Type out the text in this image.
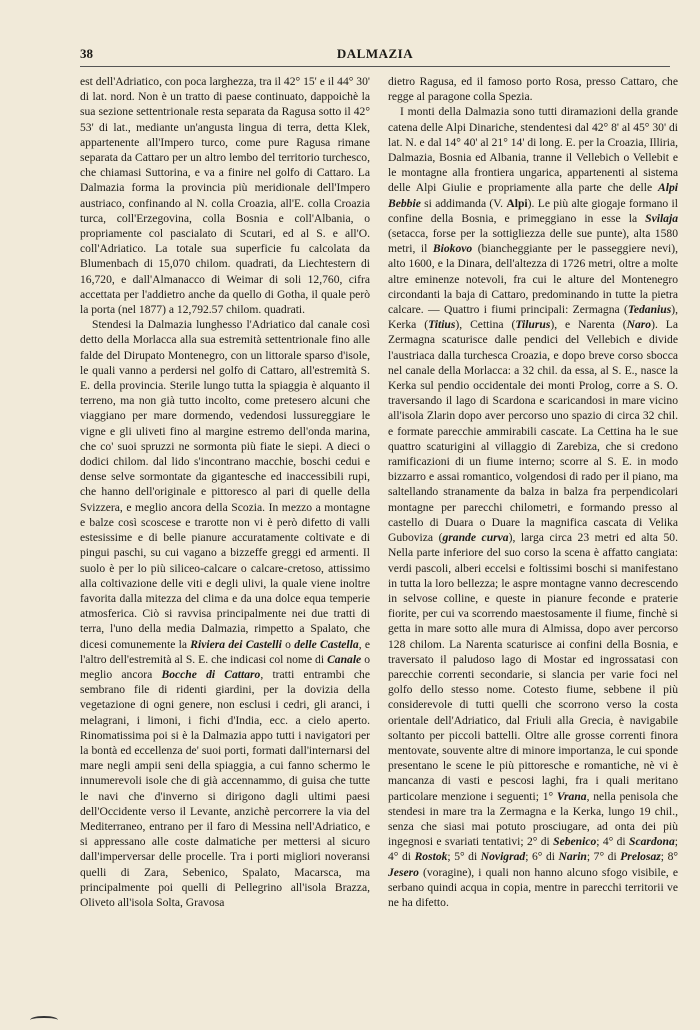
38	DALMAZIA

est dell'Adriatico, con poca larghezza, tra il 42° 15' e il 44° 30' di lat. nord. Non è un tratto di paese continuato, dappoichè la sua sezione settentrionale resta separata da Ragusa sotto il 42° 53' di lat., mediante un'angusta lingua di terra, detta Klek, appartenente all'Impero turco, come pure Ragusa rimane separata da Cattaro per un altro lembo del territorio turchesco, che chiamasi Suttorina, e va a finire nel golfo di Cattaro. La Dalmazia forma la provincia più meridionale dell'Impero austriaco, confinando al N. colla Croazia, all'E. colla Croazia turca, coll'Erzegovina, colla Bosnia e coll'Albania, o propriamente col pascialato di Scutari, ed al S. e all'O. coll'Adriatico. La totale sua superficie fu calcolata da Blumenbach di 15,070 chilom. quadrati, da Liechtestern di 16,720, e dall'Almanacco di Weimar di soli 12,760, cifra accettata per l'addietro anche da quello di Gotha, il quale però la porta (nel 1877) a 12,792.57 chilom. quadrati.

Stendesi la Dalmazia lunghesso l'Adriatico dal canale così detto della Morlacca alla sua estremità settentrionale fino alle falde del Dirupato Montenegro, con un littorale sparso d'isole, le quali vanno a perdersi nel golfo di Cattaro, all'estremità S. E. della provincia. Sterile lungo tutta la spiaggia è alquanto il terreno, ma non già tutto incolto, come pretesero alcuni che viaggiano per mare dormendo, vedendosi lussureggiare le vigne e gli uliveti fino al margine estremo dell'onda marina, che co' suoi spruzzi ne sormonta più fiate le siepi. A dieci o dodici chilom. dal lido s'incontrano macchie, boschi cedui e dense selve sormontate da gigantesche ed inaccessibili rupi, che hanno dell'originale e pittoresco al pari di quelle della Svizzera, e meglio ancora della Scozia. In mezzo a montagne e balze così scoscese e trarotte non vi è però difetto di valli estesissime e di belle pianure accuratamente coltivate e di pingui paschi, su cui vagano a bizzeffe greggi ed armenti. Il suolo è per lo più siliceo-calcare o calcare-cretoso, attissimo alla coltivazione delle viti e degli ulivi, la quale viene inoltre favorita dalla mitezza del clima e da una dolce equa temperie atmosferica. Ciò si ravvisa principalmente nei due tratti di terra, l'uno della media Dalmazia, rimpetto a Spalato, che dicesi comunemente la Riviera dei Castelli o delle Castella, e l'altro dell'estremità al S. E. che indicasi col nome di Canale o meglio ancora Bocche di Cattaro, tratti entrambi che sembrano file di ridenti giardini, per la dovizia della vegetazione di ogni genere, non esclusi i cedri, gli aranci, i melagrani, i limoni, i fichi d'India, ecc. a cielo aperto. Rinomatissima poi si è la Dalmazia appo tutti i navigatori per la bontà ed eccellenza de' suoi porti, formati dall'internarsi del mare negli ampii seni della spiaggia, a cui fanno schermo le innumerevoli isole che di già accennammo, di guisa che tutte le navi che d'inverno si dirigono dagli ultimi paesi dell'Occidente verso il Levante, anzichè percorrere la via del Mediterraneo, entrano per il faro di Messina nell'Adriatico, e si appressano alle coste dalmatiche per mettersi al sicuro dall'imperversar delle procelle. Tra i porti migliori noveransi quelli di Zara, Sebenico, Spalato, Macarsca, ma principalmente poi quelli di Pellegrino all'isola Brazza, Oliveto all'isola Solta, Gravosa

dietro Ragusa, ed il famoso porto Rosa, presso Cattaro, che regge al paragone colla Spezia.

I monti della Dalmazia sono tutti diramazioni della grande catena delle Alpi Dinariche, stendentesi dal 42° 8' al 45° 30' di lat. N. e dal 14° 40' al 21° 14' di long. E. per la Croazia, Illiria, Dalmazia, Bosnia ed Albania, tranne il Vellebich o Vellebit e le montagne alla frontiera ungarica, appartenenti al sistema delle Alpi Giulie e propriamente alla parte che delle Alpi Bebbie si addimanda (V. Alpi). Le più alte giogaje formano il confine della Bosnia, e primeggiano in esse la Svilaja (setacca, forse per la sottigliezza delle sue punte), alta 1580 metri, il Biokovo (biancheggiante per le passeggiere nevi), alto 1600, e la Dinara, dell'altezza di 1726 metri, oltre a molte altre eminenze notevoli, fra cui le alture del Montenegro circondanti la baja di Cattaro, predominando in tutte la pietra calcare. — Quattro i fiumi principali: Zermagna (Tedanius), Kerka (Titius), Cettina (Tilurus), e Narenta (Naro). La Zermagna scaturisce dalle pendici del Vellebich e divide l'austriaca dalla turchesca Croazia, e dopo breve corso sbocca nel canale della Morlacca: a 32 chil. da essa, al S. E., nasce la Kerka sul pendio occidentale dei monti Prolog, corre a S. O. traversando il lago di Scardona e scaricandosi in mare vicino all'isola Zlarin dopo aver percorso uno spazio di circa 32 chil. e formate parecchie ammirabili cascate. La Cettina ha le sue quattro scaturigini al villaggio di Zarebiza, che si credono ramificazioni di un fiume interno; scorre al S. E. in modo bizzarro e assai romantico, volgendosi di rado per il piano, ma saltellando stranamente da balza in balza fra perpendicolari montagne per parecchi chilometri, e formando presso al castello di Duara o Duare la magnifica cascata di Velika Guboviza (grande curva), larga circa 23 metri ed alta 50. Nella parte inferiore del suo corso la scena è affatto cangiata: verdi pascoli, alberi eccelsi e foltissimi boschi si manifestano in tutta la loro bellezza; le aspre montagne vanno decrescendo in selvose colline, e queste in pianure feconde e praterie fiorite, per cui va scorrendo maestosamente il fiume, finchè si getta in mare sotto alle mura di Almissa, dopo aver percorso 128 chilom. La Narenta scaturisce ai confini della Bosnia, e traversato il paludoso lago di Mostar ed ingrossatasi con parecchie correnti secondarie, si slancia per varie foci nel golfo dello stesso nome. Cotesto fiume, sebbene il più considerevole di tutti quelli che scorrono verso la costa orientale dell'Adriatico, dal Friuli alla Grecia, è navigabile soltanto per piccoli battelli. Oltre alle grosse correnti finora mentovate, souvente altre di minore importanza, le cui sponde presentano le scene le più pittoresche e romantiche, nè vi è mancanza di vasti e pescosi laghi, fra i quali meritano particolare menzione i seguenti; 1° Vrana, nella penisola che stendesi in mare tra la Zermagna e la Kerka, lungo 19 chil., senza che siasi mai potuto prosciugare, ad onta dei più ingegnosi e svariati tentativi; 2° di Sebenico; 4° di Scardona; 4° di Rostok; 5° di Novigrad; 6° di Narin; 7° di Prelosaz; 8° Jesero (voragine), i quali non hanno alcuno sfogo visibile, e serbano quindi acqua in copia, mentre in parecchi territorii ve ne ha difetto.
